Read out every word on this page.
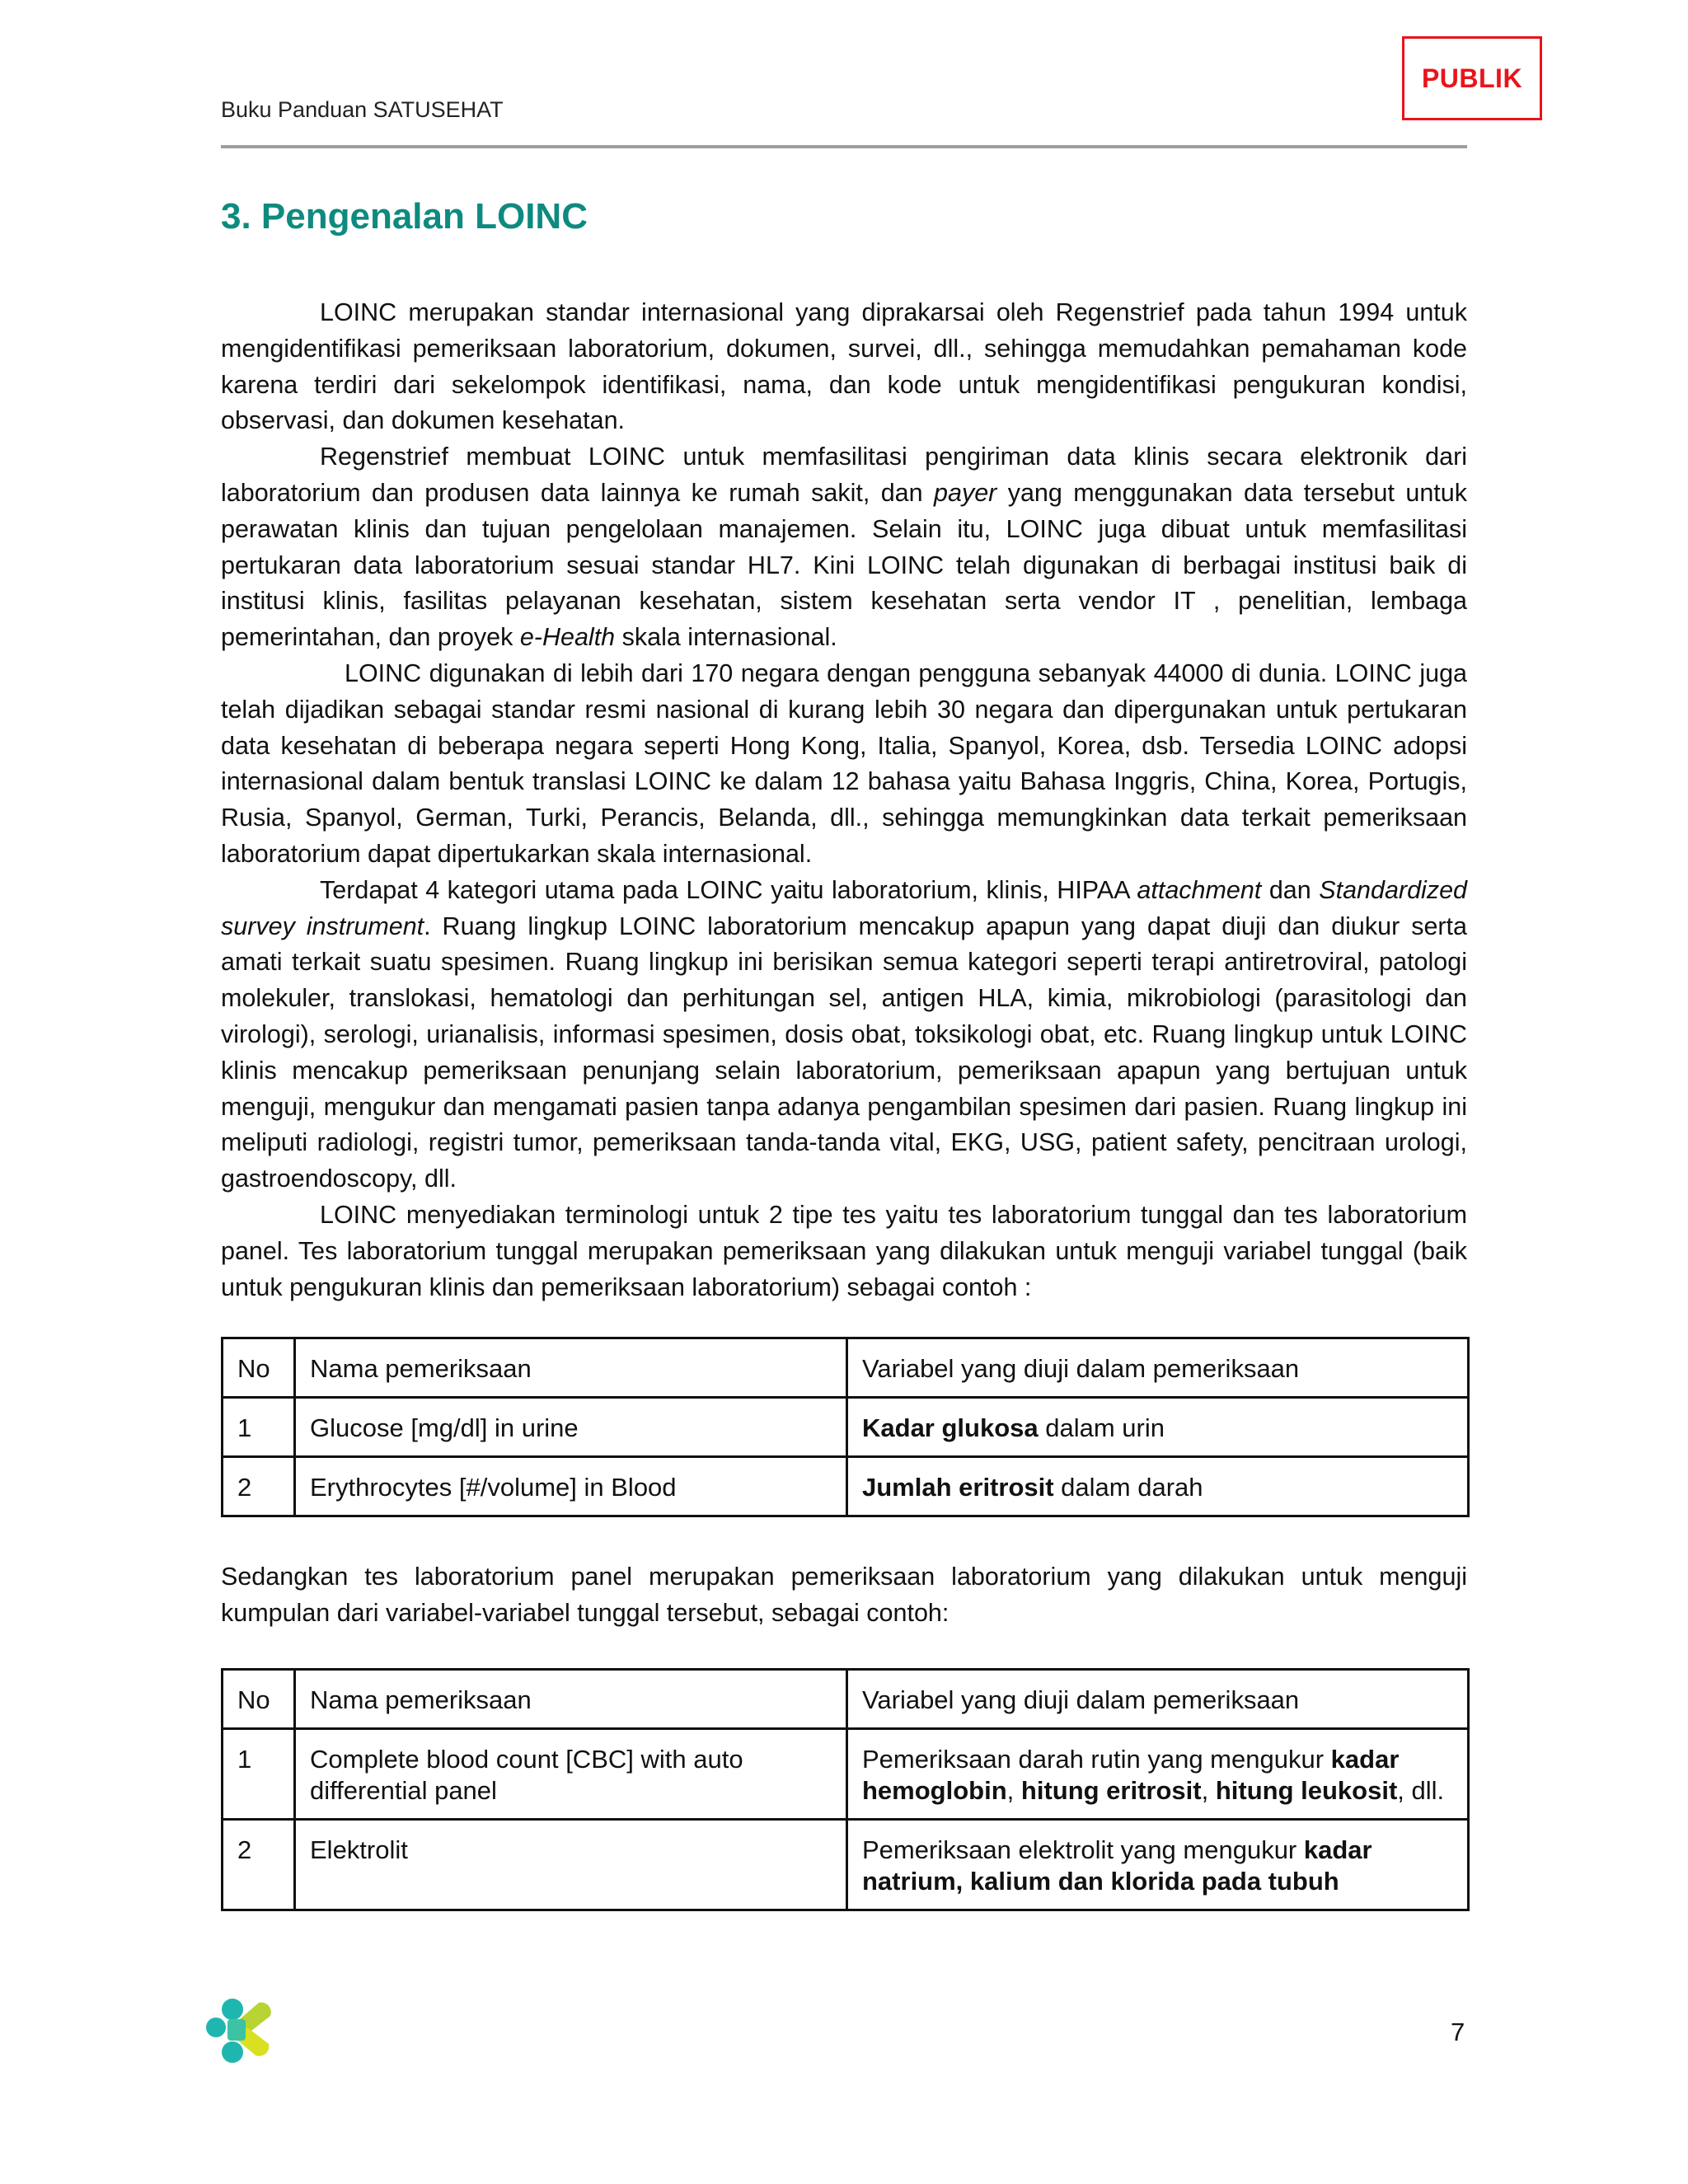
Buku Panduan SATUSEHAT
PUBLIK
3. Pengenalan LOINC

LOINC merupakan standar internasional yang diprakarsai oleh Regenstrief pada tahun 1994 untuk mengidentifikasi pemeriksaan laboratorium, dokumen, survei, dll., sehingga memudahkan pemahaman kode karena terdiri dari sekelompok identifikasi, nama, dan kode untuk mengidentifikasi pengukuran kondisi, observasi, dan dokumen kesehatan.

Regenstrief membuat LOINC untuk memfasilitasi pengiriman data klinis secara elektronik dari laboratorium dan produsen data lainnya ke rumah sakit, dan payer yang menggunakan data tersebut untuk perawatan klinis dan tujuan pengelolaan manajemen. Selain itu, LOINC juga dibuat untuk memfasilitasi pertukaran data laboratorium sesuai standar HL7. Kini LOINC telah digunakan di berbagai institusi baik di institusi klinis, fasilitas pelayanan kesehatan, sistem kesehatan serta vendor IT , penelitian, lembaga pemerintahan, dan proyek e-Health skala internasional.

LOINC digunakan di lebih dari 170 negara dengan pengguna sebanyak 44000 di dunia. LOINC juga telah dijadikan sebagai standar resmi nasional di kurang lebih 30 negara dan dipergunakan untuk pertukaran data kesehatan di beberapa negara seperti Hong Kong, Italia, Spanyol, Korea, dsb. Tersedia LOINC adopsi internasional dalam bentuk translasi LOINC ke dalam 12 bahasa yaitu Bahasa Inggris, China, Korea, Portugis, Rusia, Spanyol, German, Turki, Perancis, Belanda, dll., sehingga memungkinkan data terkait pemeriksaan laboratorium dapat dipertukarkan skala internasional.

Terdapat 4 kategori utama pada LOINC yaitu laboratorium, klinis, HIPAA attachment dan Standardized survey instrument. Ruang lingkup LOINC laboratorium mencakup apapun yang dapat diuji dan diukur serta amati terkait suatu spesimen. Ruang lingkup ini berisikan semua kategori seperti terapi antiretroviral, patologi molekuler, translokasi, hematologi dan perhitungan sel, antigen HLA, kimia, mikrobiologi (parasitologi dan virologi), serologi, urianalisis, informasi spesimen, dosis obat, toksikologi obat, etc. Ruang lingkup untuk LOINC klinis mencakup pemeriksaan penunjang selain laboratorium, pemeriksaan apapun yang bertujuan untuk menguji, mengukur dan mengamati pasien tanpa adanya pengambilan spesimen dari pasien. Ruang lingkup ini meliputi radiologi, registri tumor, pemeriksaan tanda-tanda vital, EKG, USG, patient safety, pencitraan urologi, gastroendoscopy, dll.

LOINC menyediakan terminologi untuk 2 tipe tes yaitu tes laboratorium tunggal dan tes laboratorium panel. Tes laboratorium tunggal merupakan pemeriksaan yang dilakukan untuk menguji variabel tunggal (baik untuk pengukuran klinis dan pemeriksaan laboratorium) sebagai contoh :

No	Nama pemeriksaan	Variabel yang diuji dalam pemeriksaan
1	Glucose [mg/dl] in urine	Kadar glukosa dalam urin
2	Erythrocytes [#/volume] in Blood	Jumlah eritrosit dalam darah

Sedangkan tes laboratorium panel merupakan pemeriksaan laboratorium yang dilakukan untuk menguji kumpulan dari variabel-variabel tunggal tersebut, sebagai contoh:

No	Nama pemeriksaan	Variabel yang diuji dalam pemeriksaan
1	Complete blood count [CBC] with auto differential panel	Pemeriksaan darah rutin yang mengukur kadar hemoglobin, hitung eritrosit, hitung leukosit, dll.
2	Elektrolit	Pemeriksaan elektrolit yang mengukur kadar natrium, kalium dan klorida pada tubuh
7
